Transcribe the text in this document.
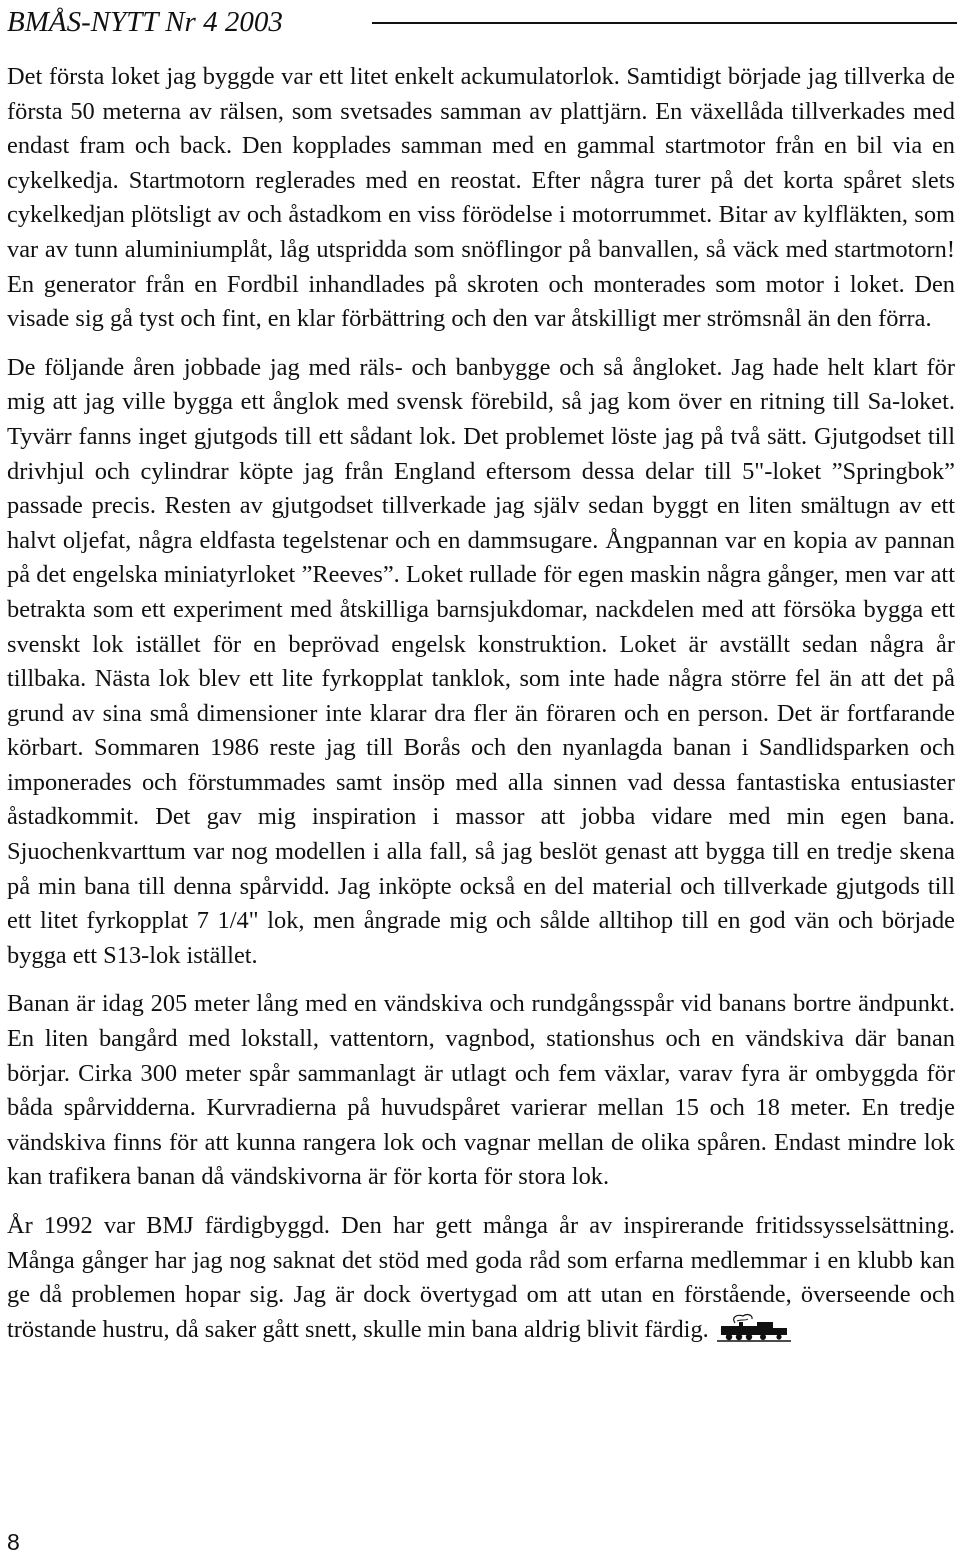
BMÅS-NYTT Nr 4 2003

Det första loket jag byggde var ett litet enkelt ackumulatorlok. Samtidigt började jag tillverka de första 50 meterna av rälsen, som svetsades samman av plattjärn. En växellåda tillverkades med endast fram och back. Den kopplades samman med en gammal startmotor från en bil via en cykelkedja. Startmotorn reglerades med en reostat. Efter några turer på det korta spåret slets cykelkedjan plötsligt av och åstadkom en viss förödelse i motorrummet. Bitar av kylfläkten, som var av tunn aluminiumplåt, låg utspridda som snöflingor på banvallen, så väck med startmotorn! En generator från en Fordbil inhandlades på skroten och monterades som motor i loket. Den visade sig gå tyst och fint, en klar förbättring och den var åtskilligt mer strömsnål än den förra.

De följande åren jobbade jag med räls- och banbygge och så ångloket. Jag hade helt klart för mig att jag ville bygga ett ånglok med svensk förebild, så jag kom över en ritning till Sa-loket. Tyvärr fanns inget gjutgods till ett sådant lok. Det problemet löste jag på två sätt. Gjutgodset till drivhjul och cylindrar köpte jag från England eftersom dessa delar till 5"-loket ”Springbok” passade precis. Resten av gjutgodset tillverkade jag själv sedan byggt en liten smältugn av ett halvt oljefat, några eldfasta tegelstenar och en dammsugare. Ångpannan var en kopia av pannan på det engelska miniatyrloket ”Reeves”. Loket rullade för egen maskin några gånger, men var att betrakta som ett experiment med åtskilliga barnsjukdomar, nackdelen med att försöka bygga ett svenskt lok istället för en beprövad engelsk konstruktion. Loket är avställt sedan några år tillbaka. Nästa lok blev ett lite fyrkopplat tanklok, som inte hade några större fel än att det på grund av sina små dimensioner inte klarar dra fler än föraren och en person. Det är fortfarande körbart. Sommaren 1986 reste jag till Borås och den nyanlagda banan i Sandlidsparken och imponerades och förstummades samt insöp med alla sinnen vad dessa fantastiska entusiaster åstadkommit. Det gav mig inspiration i massor att jobba vidare med min egen bana. Sjuochenkvarttum var nog modellen i alla fall, så jag beslöt genast att bygga till en tredje skena på min bana till denna spårvidd. Jag inköpte också en del material och tillverkade gjutgods till ett litet fyrkopplat 7 1/4" lok, men ångrade mig och sålde alltihop till en god vän och började bygga ett S13-lok istället.

Banan är idag 205 meter lång med en vändskiva och rundgångsspår vid banans bortre ändpunkt. En liten bangård med lokstall, vattentorn, vagnbod, stationshus och en vändskiva där banan börjar. Cirka 300 meter spår sammanlagt är utlagt och fem växlar, varav fyra är ombyggda för båda spårvidderna. Kurvradierna på huvudspåret varierar mellan 15 och 18 meter. En tredje vändskiva finns för att kunna rangera lok och vagnar mellan de olika spåren. Endast mindre lok kan trafikera banan då vändskivorna är för korta för stora lok.

År 1992 var BMJ färdigbyggd. Den har gett många år av inspirerande fritidssysselsättning. Många gånger har jag nog saknat det stöd med goda råd som erfarna medlemmar i en klubb kan ge då problemen hopar sig. Jag är dock övertygad om att utan en förstående, överseende och tröstande hustru, då saker gått snett, skulle min bana aldrig blivit färdig.

8
